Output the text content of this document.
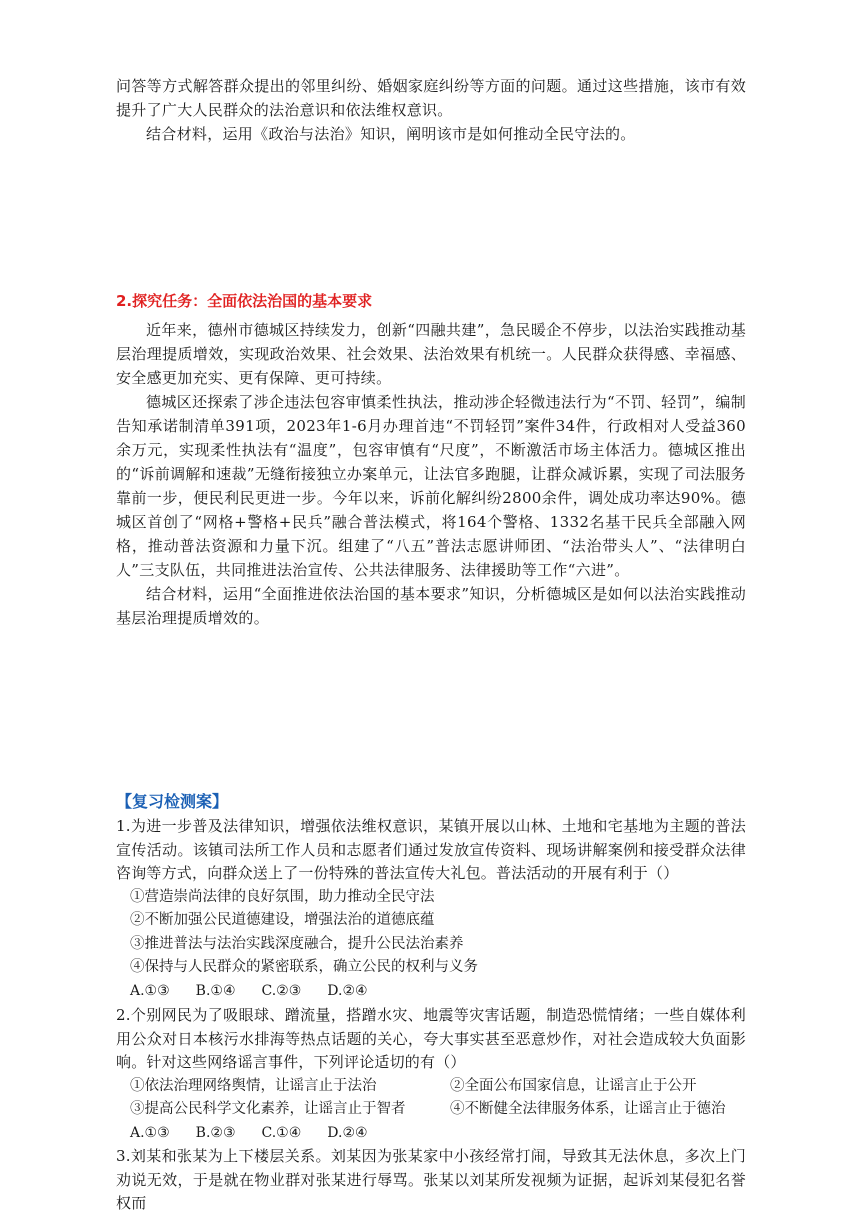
问答等方式解答群众提出的邻里纠纷、婚姻家庭纠纷等方面的问题。通过这些措施，该市有效提升了广大人民群众的法治意识和依法维权意识。

结合材料，运用《政治与法治》知识，阐明该市是如何推动全民守法的。

2.探究任务：全面依法治国的基本要求

近年来，德州市德城区持续发力，创新“四融共建”，急民暖企不停步，以法治实践推动基层治理提质增效，实现政治效果、社会效果、法治效果有机统一。人民群众获得感、幸福感、安全感更加充实、更有保障、更可持续。

德城区还探索了涉企违法包容审慎柔性执法，推动涉企轻微违法行为“不罚、轻罚”，编制告知承诺制清单391项，2023年1-6月办理首违“不罚轻罚”案件34件，行政相对人受益360余万元，实现柔性执法有“温度”，包容审慎有“尺度”，不断激活市场主体活力。德城区推出的“诉前调解和速裁”无缝衔接独立办案单元，让法官多跑腿，让群众减诉累，实现了司法服务靠前一步，便民利民更进一步。今年以来，诉前化解纠纷2800余件，调处成功率达90%。德城区首创了“网格+警格+民兵”融合普法模式，将164个警格、1332名基干民兵全部融入网格，推动普法资源和力量下沉。组建了“八五”普法志愿讲师团、“法治带头人”、“法律明白人”三支队伍，共同推进法治宣传、公共法律服务、法律援助等工作“六进”。

结合材料，运用“全面推进依法治国的基本要求”知识，分析德城区是如何以法治实践推动基层治理提质增效的。

【复习检测案】

1.为进一步普及法律知识，增强依法维权意识，某镇开展以山林、土地和宅基地为主题的普法宣传活动。该镇司法所工作人员和志愿者们通过发放宣传资料、现场讲解案例和接受群众法律咨询等方式，向群众送上了一份特殊的普法宣传大礼包。普法活动的开展有利于（）

①营造崇尚法律的良好氛围，助力推动全民守法

②不断加强公民道德建设，增强法治的道德底蕴

③推进普法与法治实践深度融合，提升公民法治素养

④保持与人民群众的紧密联系，确立公民的权利与义务

A.①③ B.①④ C.②③ D.②④

2.个别网民为了吸眼球、蹭流量，搭蹭水灾、地震等灾害话题，制造恐慌情绪；一些自媒体利用公众对日本核污水排海等热点话题的关心，夸大事实甚至恶意炒作，对社会造成较大负面影响。针对这些网络谣言事件，下列评论适切的有（）

①依法治理网络舆情，让谣言止于法治	②全面公布国家信息，让谣言止于公开
③提高公民科学文化素养，让谣言止于智者	④不断健全法律服务体系，让谣言止于德治

A.①③ B.②③ C.①④ D.②④

3.刘某和张某为上下楼层关系。刘某因为张某家中小孩经常打闹，导致其无法休息，多次上门劝说无效，于是就在物业群对张某进行辱骂。张某以刘某所发视频为证据，起诉刘某侵犯名誉权而
